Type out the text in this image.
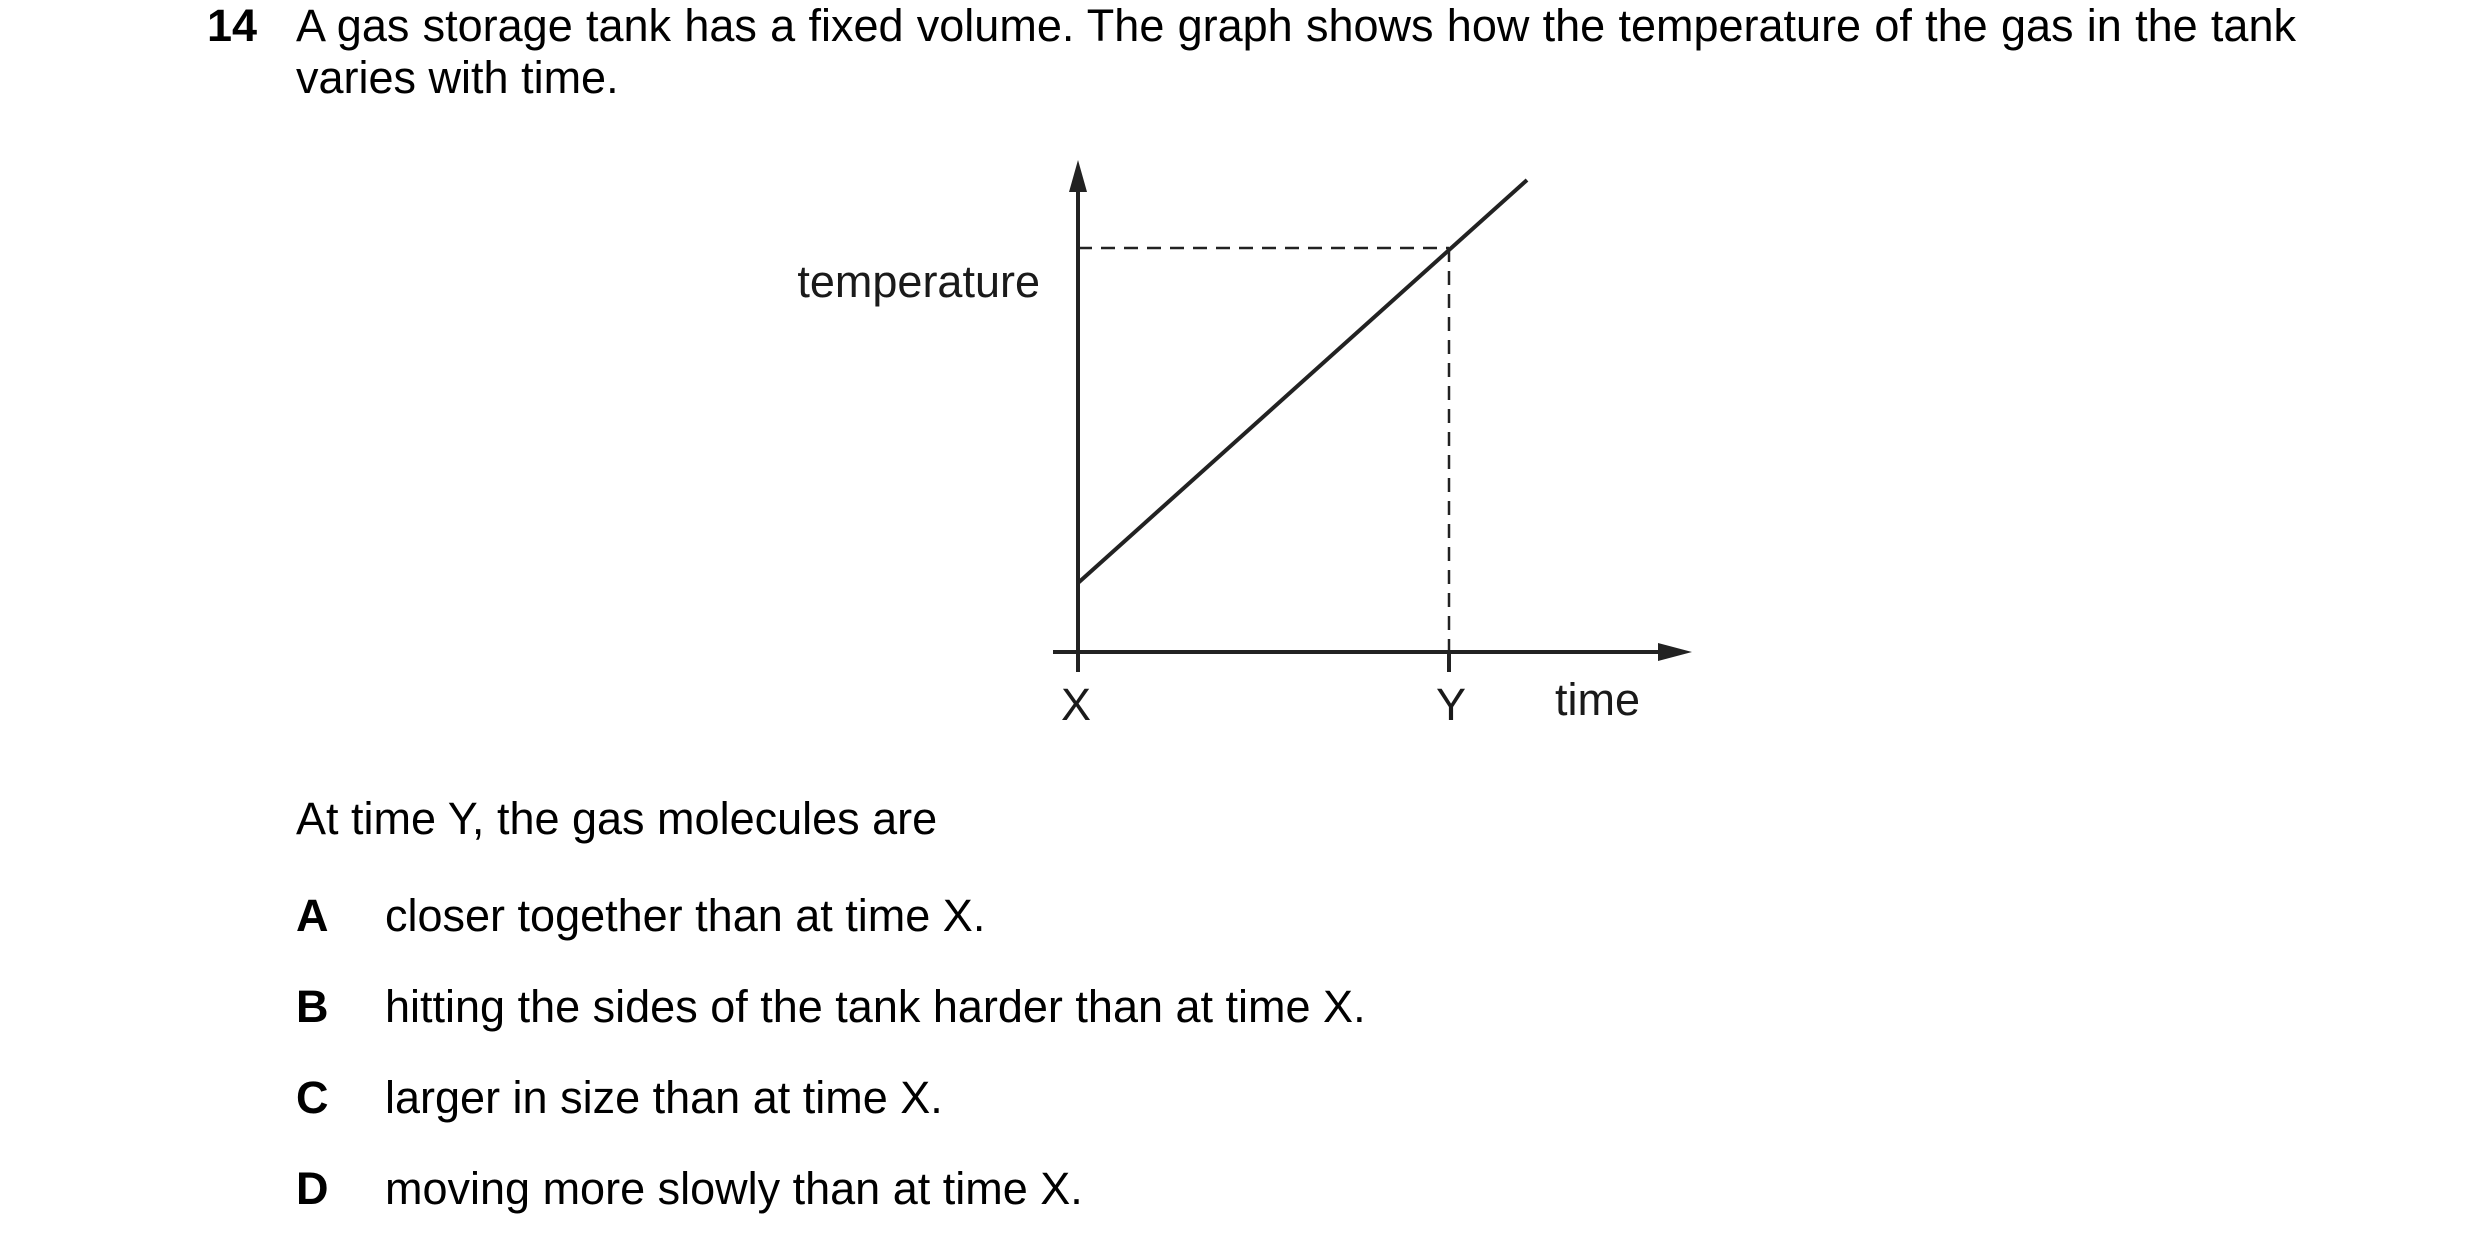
14 A gas storage tank has a fixed volume. The graph shows how the temperature of the gas in the tank varies with time.
temperature
time
X	Y
At time Y, the gas molecules are
A	closer together than at time X.
B	hitting the sides of the tank harder than at time X.
C	larger in size than at time X.
D	moving more slowly than at time X.
